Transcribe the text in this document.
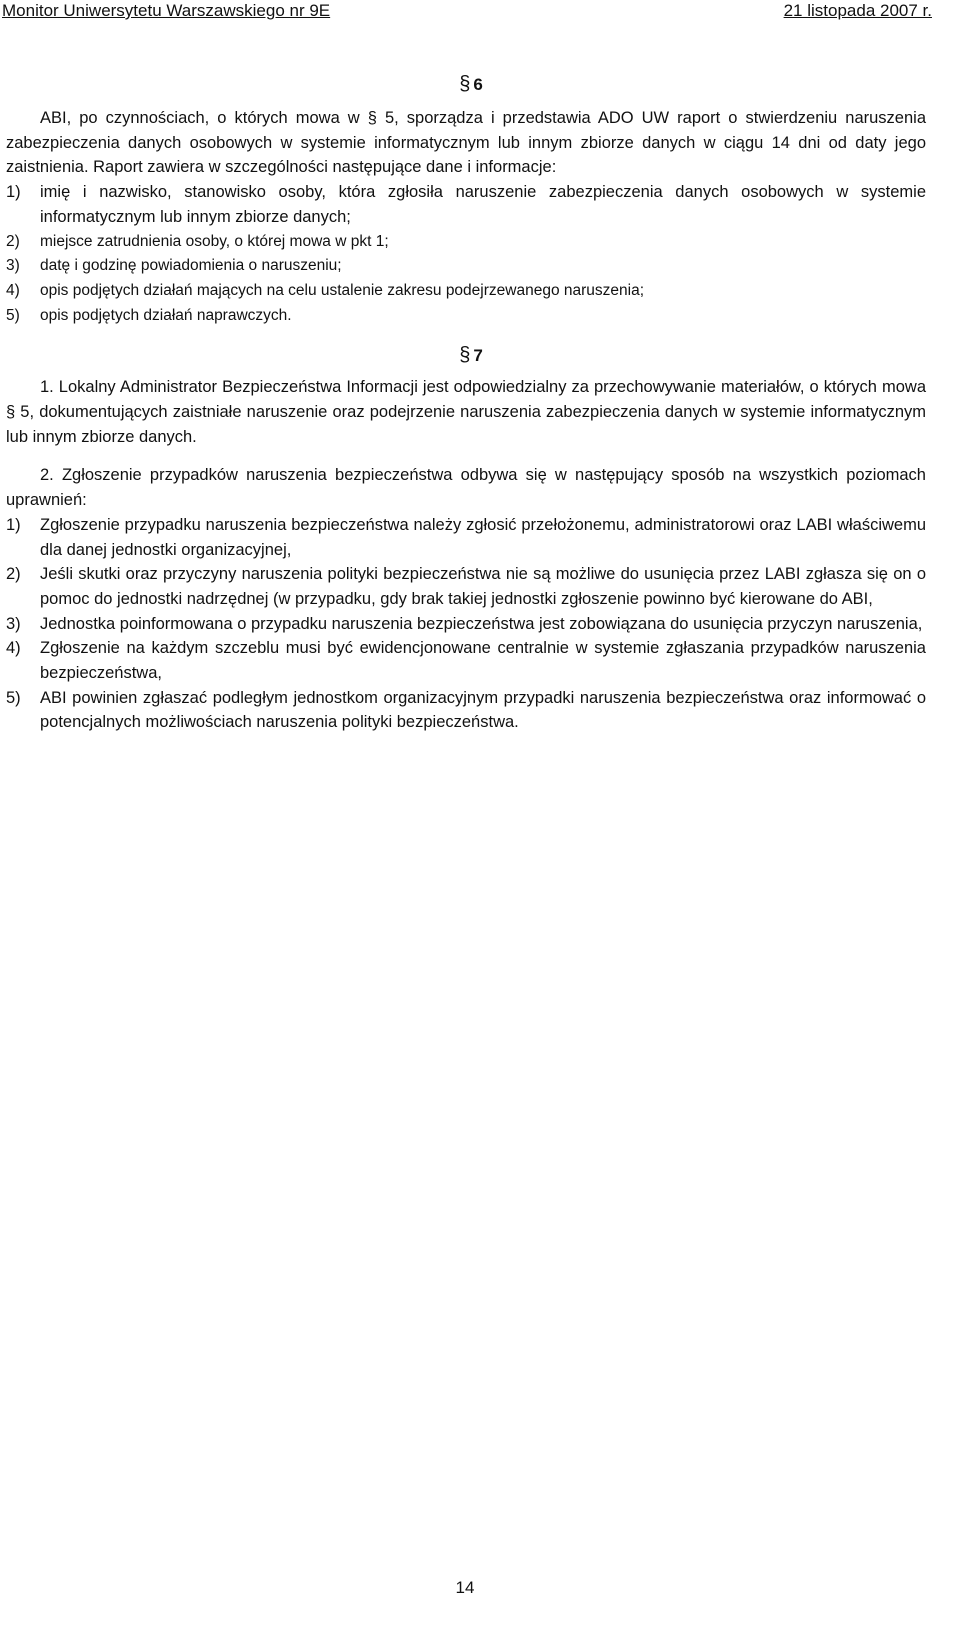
Monitor Uniwersytetu Warszawskiego nr 9E	21 listopada 2007 r.
§ 6

ABI, po czynnościach, o których mowa w § 5, sporządza i przedstawia ADO UW raport o stwierdzeniu naruszenia zabezpieczenia danych osobowych w systemie informatycznym lub innym zbiorze danych w ciągu 14 dni od daty jego zaistnienia. Raport zawiera w szczególności następujące dane i informacje:

1) imię i nazwisko, stanowisko osoby, która zgłosiła naruszenie zabezpieczenia danych osobowych w systemie informatycznym lub innym zbiorze danych;
2) miejsce zatrudnienia osoby, o której mowa w pkt 1;
3) datę i godzinę powiadomienia o naruszeniu;
4) opis podjętych działań mających na celu ustalenie zakresu podejrzewanego naruszenia;
5) opis podjętych działań naprawczych.
§ 7

1. Lokalny Administrator Bezpieczeństwa Informacji jest odpowiedzialny za przechowywanie materiałów, o których mowa § 5, dokumentujących zaistniałe naruszenie oraz podejrzenie naruszenia zabezpieczenia danych w systemie informatycznym lub innym zbiorze danych.

2. Zgłoszenie przypadków naruszenia bezpieczeństwa odbywa się w następujący sposób na wszystkich poziomach uprawnień:

1) Zgłoszenie przypadku naruszenia bezpieczeństwa należy zgłosić przełożonemu, administratorowi oraz LABI właściwemu dla danej jednostki organizacyjnej,
2) Jeśli skutki oraz przyczyny naruszenia polityki bezpieczeństwa nie są możliwe do usunięcia przez LABI zgłasza się on o pomoc do jednostki nadrzędnej (w przypadku, gdy brak takiej jednostki zgłoszenie powinno być kierowane do ABI,
3) Jednostka poinformowana o przypadku naruszenia bezpieczeństwa jest zobowiązana do usunięcia przyczyn naruszenia,
4) Zgłoszenie na każdym szczeblu musi być ewidencjonowane centralnie w systemie zgłaszania przypadków naruszenia bezpieczeństwa,
5) ABI powinien zgłaszać podległym jednostkom organizacyjnym przypadki naruszenia bezpieczeństwa oraz informować o potencjalnych możliwościach naruszenia polityki bezpieczeństwa.
14
